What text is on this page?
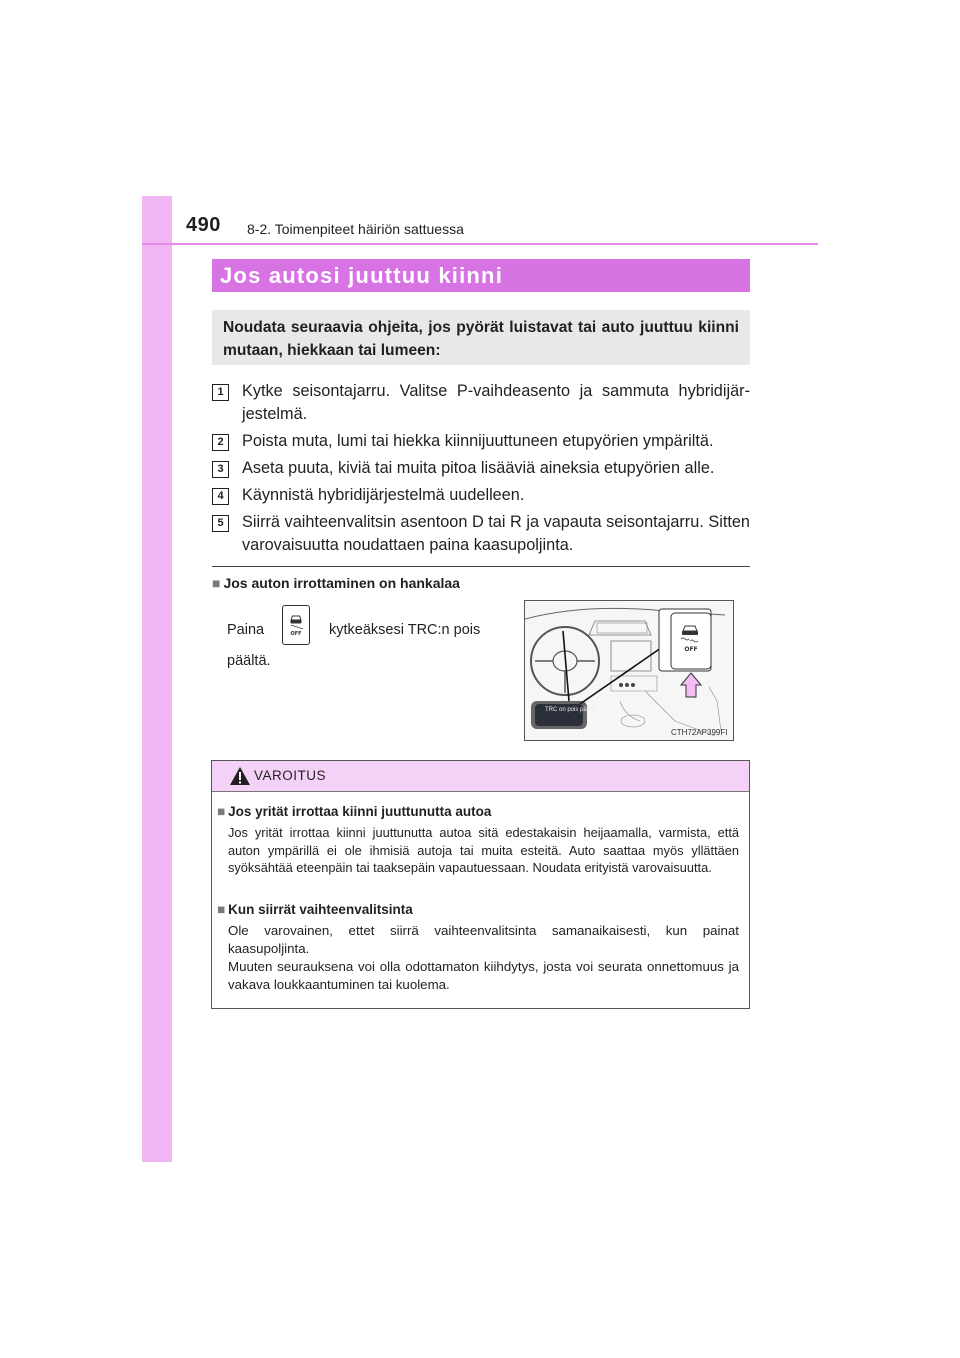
490 8-2. Toimenpiteet häiriön sattuessa
Jos autosi juuttuu kiinni
Noudata seuraavia ohjeita, jos pyörät luistavat tai auto juuttuu kiinni mutaan, hiekkaan tai lumeen:
1	Kytke seisontajarru. Valitse P-vaihdeasento ja sammuta hybridijär-jestelmä.
2	Poista muta, lumi tai hiekka kiinnijuuttuneen etupyörien ympäriltä.
3	Aseta puuta, kiviä tai muita pitoa lisääviä aineksia etupyörien alle.
4	Käynnistä hybridijärjestelmä uudelleen.
5	Siirrä vaihteenvalitsin asentoon D tai R ja vapauta seisontajarru. Sitten varovaisuutta noudattaen paina kaasupoljinta.
■ Jos auton irrottaminen on hankalaa
Paina	kytkeäksesi TRC:n pois
päältä.
OFF
OFF
TRC on pois päältä
CTH72AP399FI
VAROITUS
■ Jos yrität irrottaa kiinni juuttunutta autoa
Jos yrität irrottaa kiinni juuttunutta autoa sitä edestakaisin heijaamalla, varmista, että auton ympärillä ei ole ihmisiä autoja tai muita esteitä. Auto saattaa myös yllättäen syöksähtää eteenpäin tai taaksepäin vapautuessaan. Noudata erityistä varovaisuutta.
■ Kun siirrät vaihteenvalitsinta
Ole varovainen, ettet siirrä vaihteenvalitsinta samanaikaisesti, kun painat kaasupoljinta.
Muuten seurauksena voi olla odottamaton kiihdytys, josta voi seurata onnettomuus ja vakava loukkaantuminen tai kuolema.
